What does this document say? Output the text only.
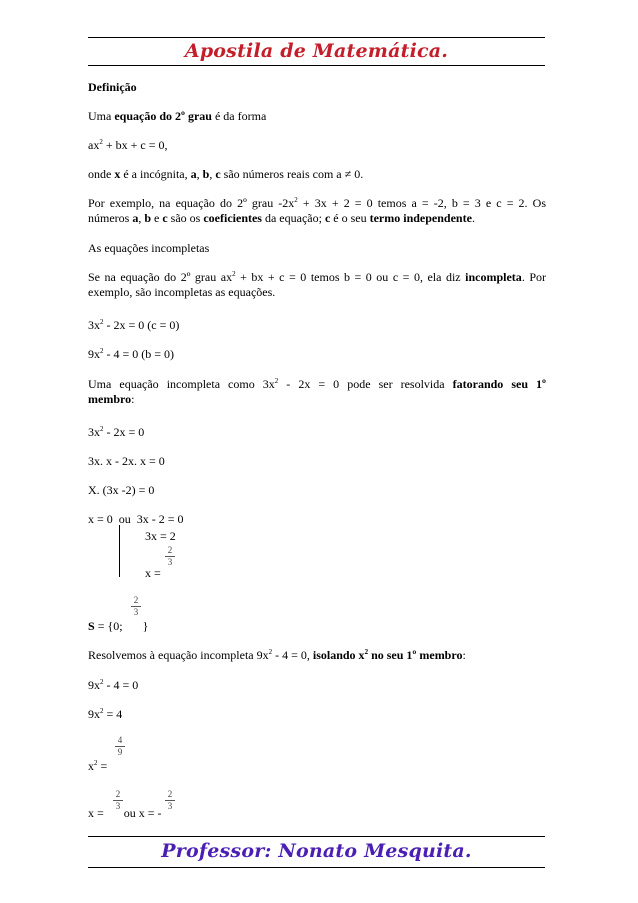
Apostila de Matemática.
Definição
Uma equação do 2º grau é da forma
$ax^2$ + bx + c = 0,
onde x é a incógnita, a, b, c são números reais com a ≠ 0.
Por exemplo, na equação do 2º grau $-2x^2 + 3x + 2 = 0$ temos a = -2, b = 3 e c = 2. Os
números a, b e c são os coeficientes da equação; c é o seu termo independente.
As equações incompletas
Se na equação do 2º grau $ax^2$ + bx + c = 0 temos b = 0 ou c = 0, ela diz incompleta. Por
exemplo, são incompletas as equações.
$3x^2 - 2x = 0$ (c = 0)
$9x^2 - 4 = 0$ (b = 0)
Uma equação incompleta como $3x^2 - 2x = 0$ pode ser resolvida fatorando seu 1º
membro:
$3x^2 - 2x = 0$
3x. x - 2x. x = 0
X. (3x -2) = 0
x = 0  ou  3x - 2 = 0
3x = 2
2
3
x =
2
3
S = {0;  }
Resolvemos à equação incompleta $9x^2 - 4 = 0$, isolando $x^2$ no seu 1º membro:
$9x^2 - 4 = 0$
$9x^2 = 4$
4
9
$x^2$ =
2
3
2
3
x =  ou x = -
Professor: Nonato Mesquita.
